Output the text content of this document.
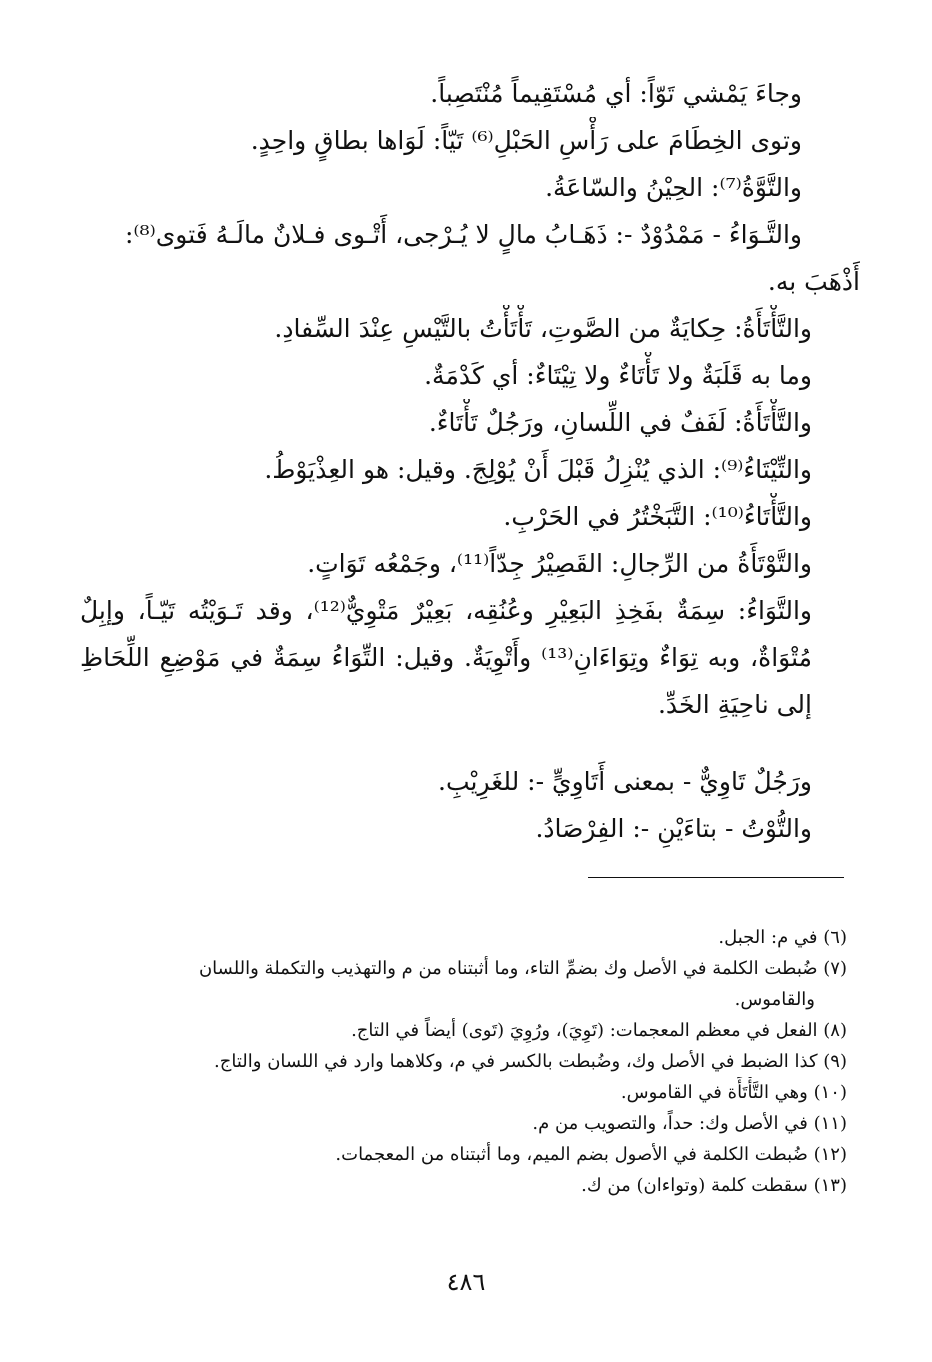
وجاءَ يَمْشي تَوّاً: أي مُسْتَقِيماً مُنْتَصِباً.
وتوى الخِطَامَ على رَأْسِ الحَبْلِ⁽⁶⁾ تَيّاً: لَوَاها بطاقٍ واحِدٍ.
والتَّوَّةُ⁽⁷⁾: الحِيْنُ والسّاعَةُ.
والتَّـوَاءُ - مَمْدُوْدٌ -: ذَهَـابُ مالٍ لا يُـرْجى، أَتْـوى فـلانٌ مالَـهُ فَتوى⁽⁸⁾:
أَذْهَبَ به.
والتَّأْتَأَةُ: حِكايَةٌ من الصَّوتِ، تَأْتَأْتُ بالتَّيْسِ عِنْدَ السِّفادِ.
وما به قَلَبَةٌ ولا تَأْتَاءٌ ولا تِيْتَاءٌ: أي كَدْمَةٌ.
والتَّأْتَأَةُ: لَفَفٌ في اللِّسانِ، ورَجُلٌ تَأْتَاءٌ.
والتِّيْتَاءُ⁽⁹⁾: الذي يُنْزِلُ قَبْلَ أَنْ يُوْلِجَ. وقيل: هو العِذْيَوْطُ.
والتَّأْتَاءُ⁽¹⁰⁾: التَّبَخْتُرُ في الحَرْبِ.
والتَّوْتَأَةُ من الرِّجالِ: القَصِيْرُ جِدّاً⁽¹¹⁾، وجَمْعُه تَوَاتٍ.
والتَّوَاءُ: سِمَةٌ بفَخِذِ البَعِيْرِ وعُنُقِه، بَعِيْرٌ مَتْوِيٌّ⁽¹²⁾، وقد تَـوَيْتُه تَيّـاً، وإبِلٌ مُتْوَاةٌ، وبه تِوَاءٌ وتِوَاءَانِ⁽¹³⁾ وأَتْوِيَةٌ. وقيل: التِّوَاءُ سِمَةٌ في مَوْضِعِ اللِّحَاظِ إلى ناحِيَةِ الخَدِّ.
ورَجُلٌ تَاوِيٌّ - بمعنى أَتَاوِيٍّ -: للغَرِيْبِ.
والتُّوْتُ - بتاءَيْنِ -: الفِرْصَادُ.
(٦) في م: الجبل.
(٧) ضُبطت الكلمة في الأصل وك بضمِّ التاء، وما أثبتناه من م والتهذيب والتكملة واللسان
والقاموس.
(٨) الفعل في معظم المعجمات: (تَوِيَ)، ورُوِيَ (تَوى) أيضاً في التاج.
(٩) كذا الضبط في الأصل وك، وضُبطت بالكسر في م، وكلاهما وارد في اللسان والتاج.
(١٠) وهي التَّأْتَأَة في القاموس.
(١١) في الأصل وك: حداً، والتصويب من م.
(١٢) ضُبطت الكلمة في الأصول بضم الميم، وما أثبتناه من المعجمات.
(١٣) سقطت كلمة (وتواءان) من ك.
٤٨٦
